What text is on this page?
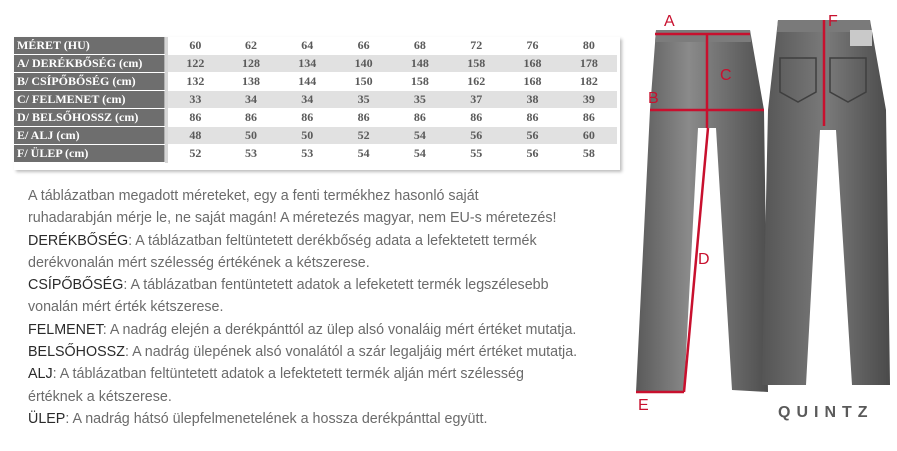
MÉRET (HU)	60	62	64	66	68	72	76	80
A/ DERÉKBŐSÉG (cm)	122	128	134	140	148	158	168	178
B/ CSÍPŐBŐSÉG (cm)	132	138	144	150	158	162	168	182
C/ FELMENET (cm)	33	34	34	35	35	37	38	39
D/ BELSŐHOSSZ (cm)	86	86	86	86	86	86	86	86
E/ ALJ (cm)	48	50	50	52	54	56	56	60
F/ ÜLEP (cm)	52	53	53	54	54	55	56	58

A táblázatban megadott méreteket, egy a fenti termékhez hasonló saját

ruhadarabján mérje le, ne saját magán! A méretezés magyar, nem EU-s méretezés!

DERÉKBŐSÉG: A táblázatban feltüntetett derékbőség adata a lefektetett termék

derékvonalán mért szélesség értékének a kétszerese.

CSÍPŐBŐSÉG: A táblázatban fentüntetett adatok a lefeketett termék legszélesebb

vonalán mért érték kétszerese.

FELMENET: A nadrág elején a derékpánttól az ülep alsó vonaláig mért értéket mutatja.

BELSŐHOSSZ: A nadrág ülepének alsó vonalától a szár legaljáig mért értéket mutatja.

ALJ: A táblázatban feltüntetett adatok a lefektetett termék alján mért szélesség

értéknek a kétszerese.

ÜLEP: A nadrág hátsó ülepfelmenetelének a hossza derékpánttal együtt.

A
B
C
D
E
F
QUINTZ
